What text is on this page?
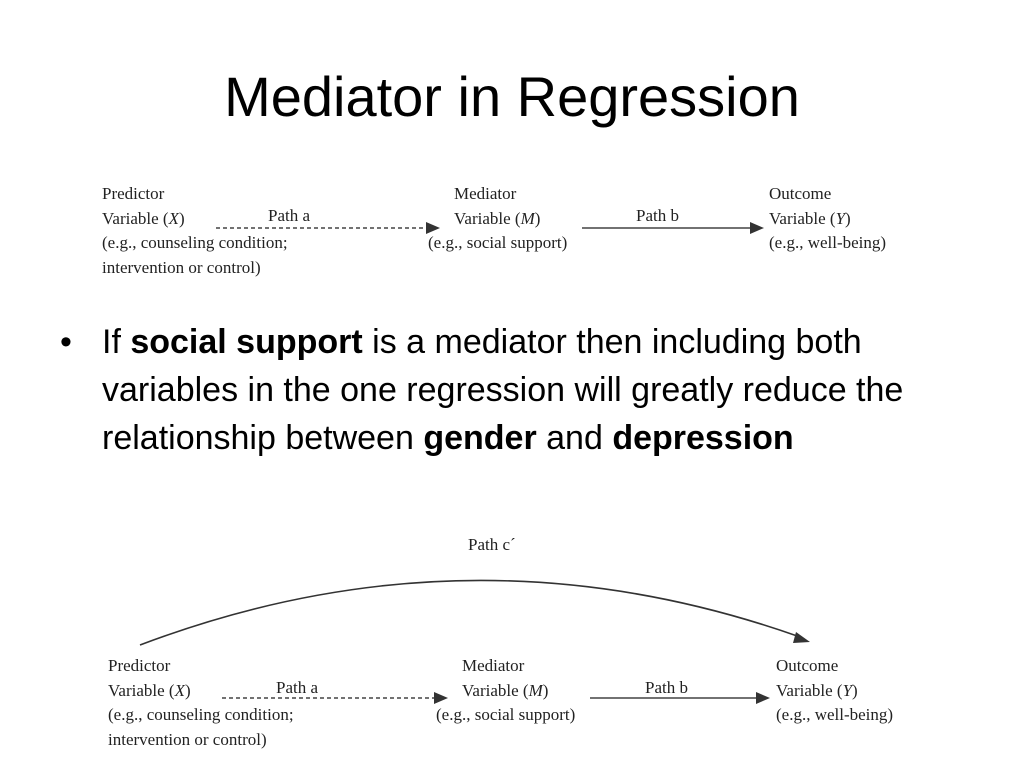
Mediator in Regression
Predictor
Variable (X)
(e.g., counseling condition;
intervention or control)
Path a
Mediator
Variable (M)
(e.g., social support)
Path b
Outcome
Variable (Y)
(e.g., well-being)
• If social support is a mediator then including both variables in the one regression will greatly reduce the relationship between gender and depression
Path c´
Predictor
Variable (X)
(e.g., counseling condition;
intervention or control)
Path a
Mediator
Variable (M)
(e.g., social support)
Path b
Outcome
Variable (Y)
(e.g., well-being)
